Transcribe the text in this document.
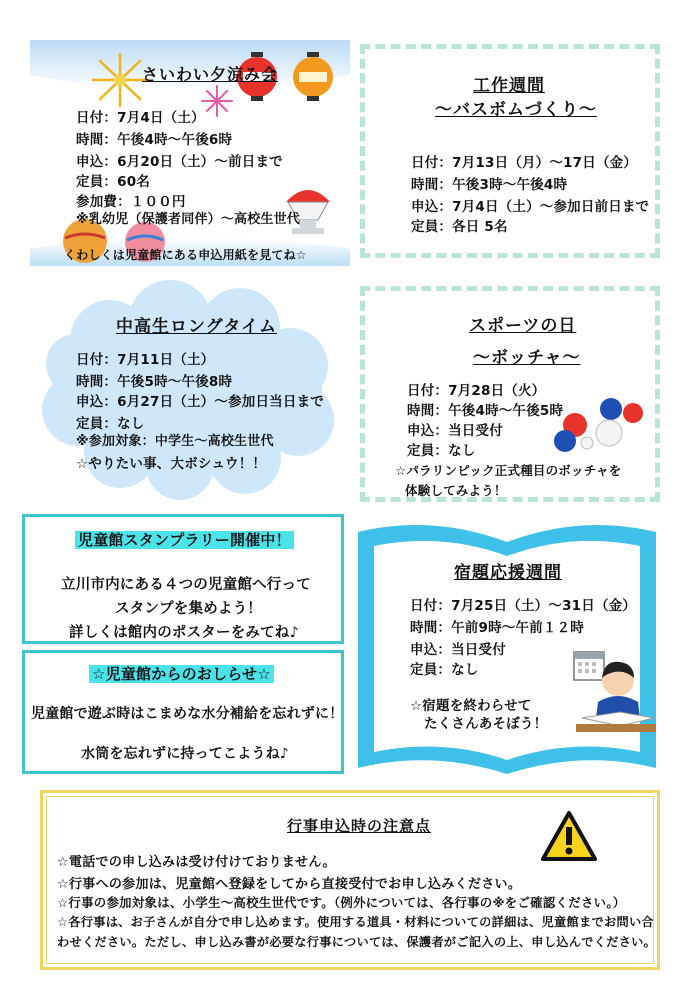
さいわい夕涼み会
日付：7月4日（土）
時間：午後4時～午後6時
申込：6月20日（土）～前日まで
定員：60名
参加費：１００円
※乳幼児（保護者同伴）～高校生世代
くわしくは児童館にある申込用紙を見てね☆
工作週間
～バスボムづくり～
日付：7月13日（月）～17日（金）
時間：午後3時～午後4時
申込：7月4日（土）～参加日前日まで
定員：各日 5名
中高生ロングタイム
日付：7月11日（土）
時間：午後5時～午後8時
申込：6月27日（土）～参加日当日まで
定員：なし
※参加対象：中学生～高校生世代
☆やりたい事、大ボシュウ！！
スポーツの日
～ボッチャ～
日付：7月28日（火）
時間：午後4時～午後5時
申込：当日受付
定員：なし
☆パラリンピック正式種目のボッチャを
体験してみよう！
児童館スタンプラリー開催中！
立川市内にある４つの児童館へ行って
スタンプを集めよう！
詳しくは館内のポスターをみてね♪
☆児童館からのおしらせ☆
児童館で遊ぶ時はこまめな水分補給を忘れずに！
水筒を忘れずに持ってこようね♪
宿題応援週間
日付：7月25日（土）～31日（金）
時間：午前9時～午前１２時
申込：当日受付
定員：なし
☆宿題を終わらせて
たくさんあそぼう！
行事申込時の注意点
☆電話での申し込みは受け付けておりません。
☆行事への参加は、児童館へ登録をしてから直接受付でお申し込みください。
☆行事の参加対象は、小学生～高校生世代です。（例外については、各行事の※をご確認ください。）
☆各行事は、お子さんが自分で申し込めます。使用する道具・材料についての詳細は、児童館までお問い合
わせください。ただし、申し込み書が必要な行事については、保護者がご記入の上、申し込んでください。
